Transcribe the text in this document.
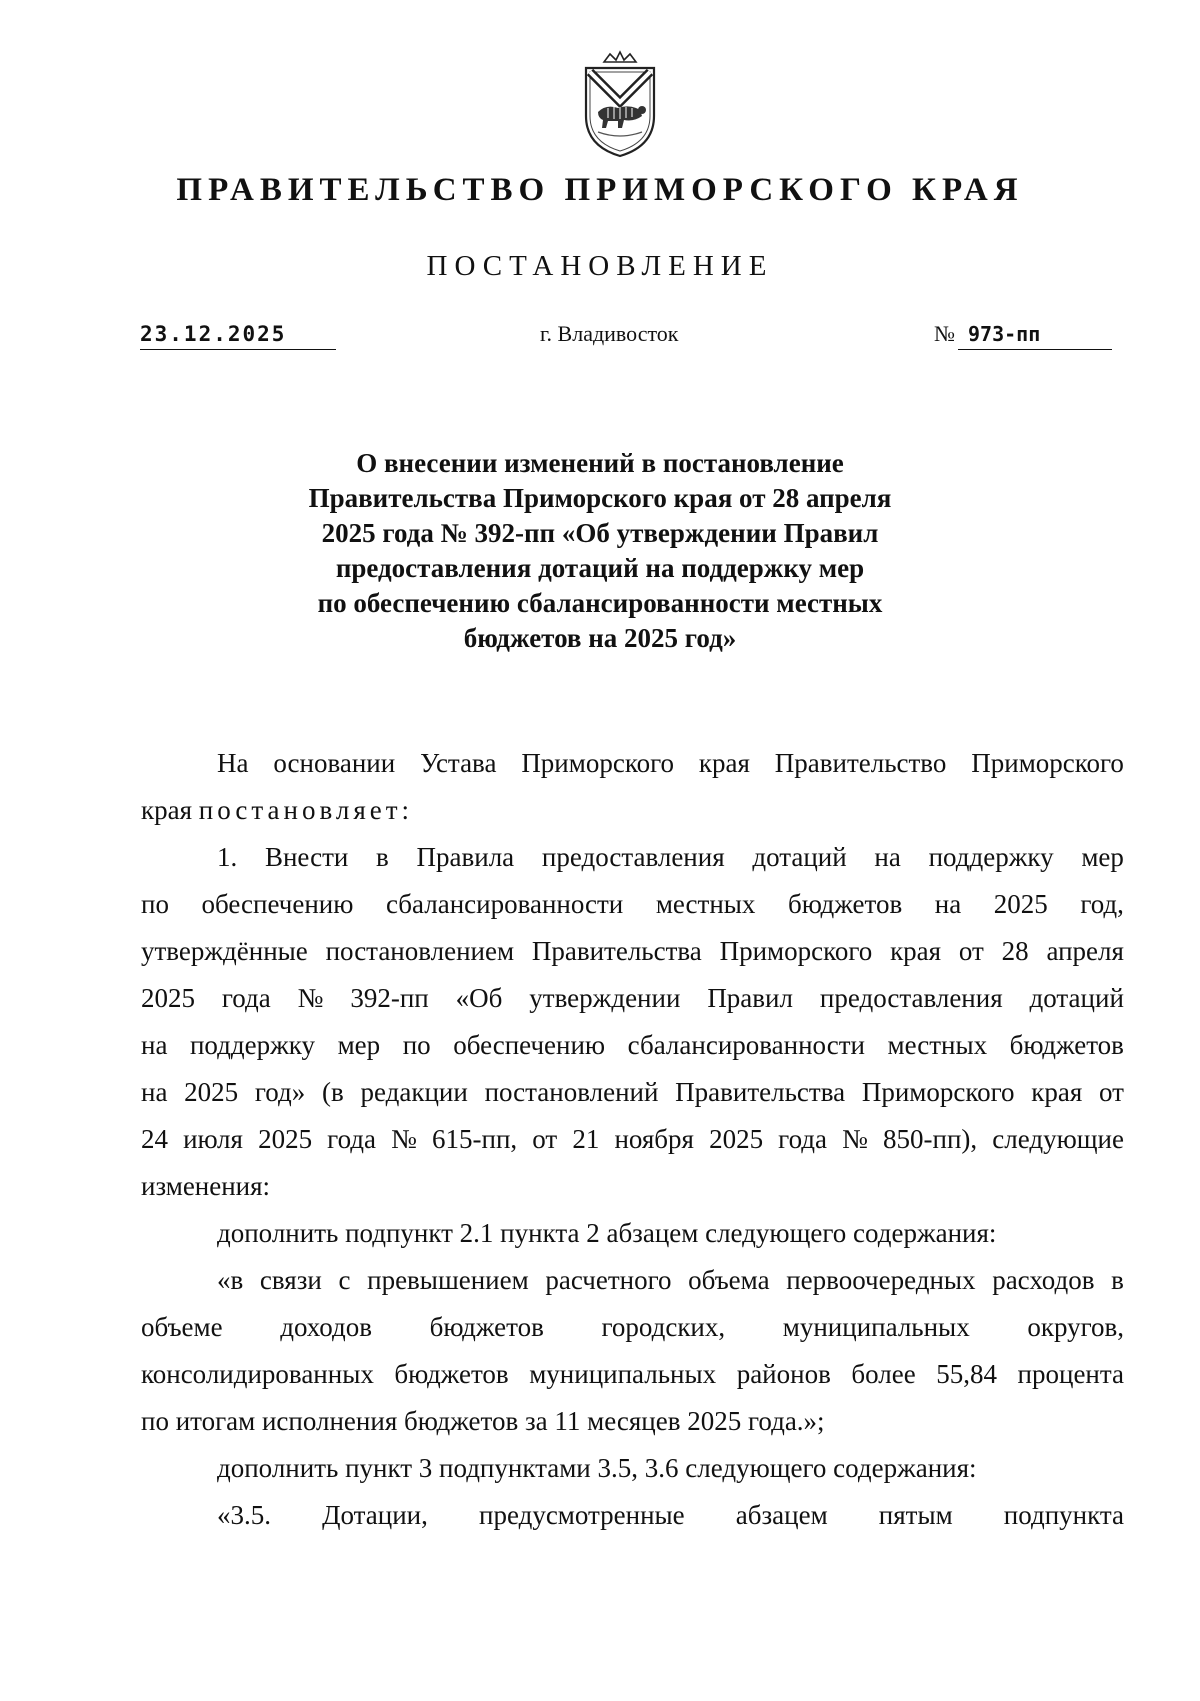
ПРАВИТЕЛЬСТВО ПРИМОРСКОГО КРАЯ
ПОСТАНОВЛЕНИЕ
23.12.2025	г. Владивосток	№ 973-пп
О внесении изменений в постановление
Правительства Приморского края от 28 апреля
2025 года № 392-пп «Об утверждении Правил
предоставления дотаций на поддержку мер
по обеспечению сбалансированности местных
бюджетов на 2025 год»
На основании Устава Приморского края Правительство Приморского
края постановляет:
1. Внести в Правила предоставления дотаций на поддержку мер
по обеспечению сбалансированности местных бюджетов на 2025 год,
утверждённые постановлением Правительства Приморского края от 28 апреля
2025 года № 392-пп «Об утверждении Правил предоставления дотаций
на поддержку мер по обеспечению сбалансированности местных бюджетов
на 2025 год» (в редакции постановлений Правительства Приморского края от
24 июля 2025 года № 615-пп, от 21 ноября 2025 года № 850-пп), следующие
изменения:
дополнить подпункт 2.1 пункта 2 абзацем следующего содержания:
«в связи с превышением расчетного объема первоочередных расходов в
объеме доходов бюджетов городских, муниципальных округов,
консолидированных бюджетов муниципальных районов более 55,84 процента
по итогам исполнения бюджетов за 11 месяцев 2025 года.»;
дополнить пункт 3 подпунктами 3.5, 3.6 следующего содержания:
«3.5. Дотации, предусмотренные абзацем пятым подпункта
